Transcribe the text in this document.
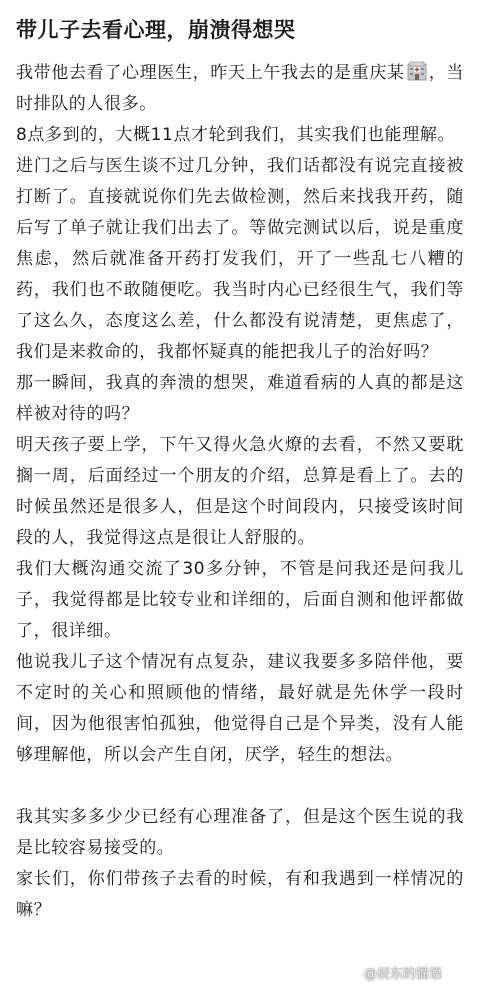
带儿子去看心理，崩溃得想哭

我带他去看了心理医生，昨天上午我去的是重庆某 ，当时排队的人很多。

8点多到的，大概11点才轮到我们，其实我们也能理解。

进门之后与医生谈不过几分钟，我们话都没有说完直接被打断了。直接就说你们先去做检测，然后来找我开药，随后写了单子就让我们出去了。等做完测试以后，说是重度焦虑，然后就准备开药打发我们，开了一些乱七八糟的药，我们也不敢随便吃。我当时内心已经很生气，我们等了这么久，态度这么差，什么都没有说清楚，更焦虑了，我们是来救命的，我都怀疑真的能把我儿子的治好吗？

那一瞬间，我真的奔溃的想哭，难道看病的人真的都是这样被对待的吗？

明天孩子要上学，下午又得火急火燎的去看，不然又要耽搁一周，后面经过一个朋友的介绍，总算是看上了。去的时候虽然还是很多人，但是这个时间段内，只接受该时间段的人，我觉得这点是很让人舒服的。

我们大概沟通交流了30多分钟，不管是问我还是问我儿子，我觉得都是比较专业和详细的，后面自测和他评都做了，很详细。

他说我儿子这个情况有点复杂，建议我要多多陪伴他，要不定时的关心和照顾他的情绪，最好就是先休学一段时间，因为他很害怕孤独，他觉得自己是个异类，没有人能够理解他，所以会产生自闭，厌学，轻生的想法。

我其实多多少少已经有心理准备了，但是这个医生说的我是比较容易接受的。

家长们，你们带孩子去看的时候，有和我遇到一样情况的嘛？

@辰东的猫语
